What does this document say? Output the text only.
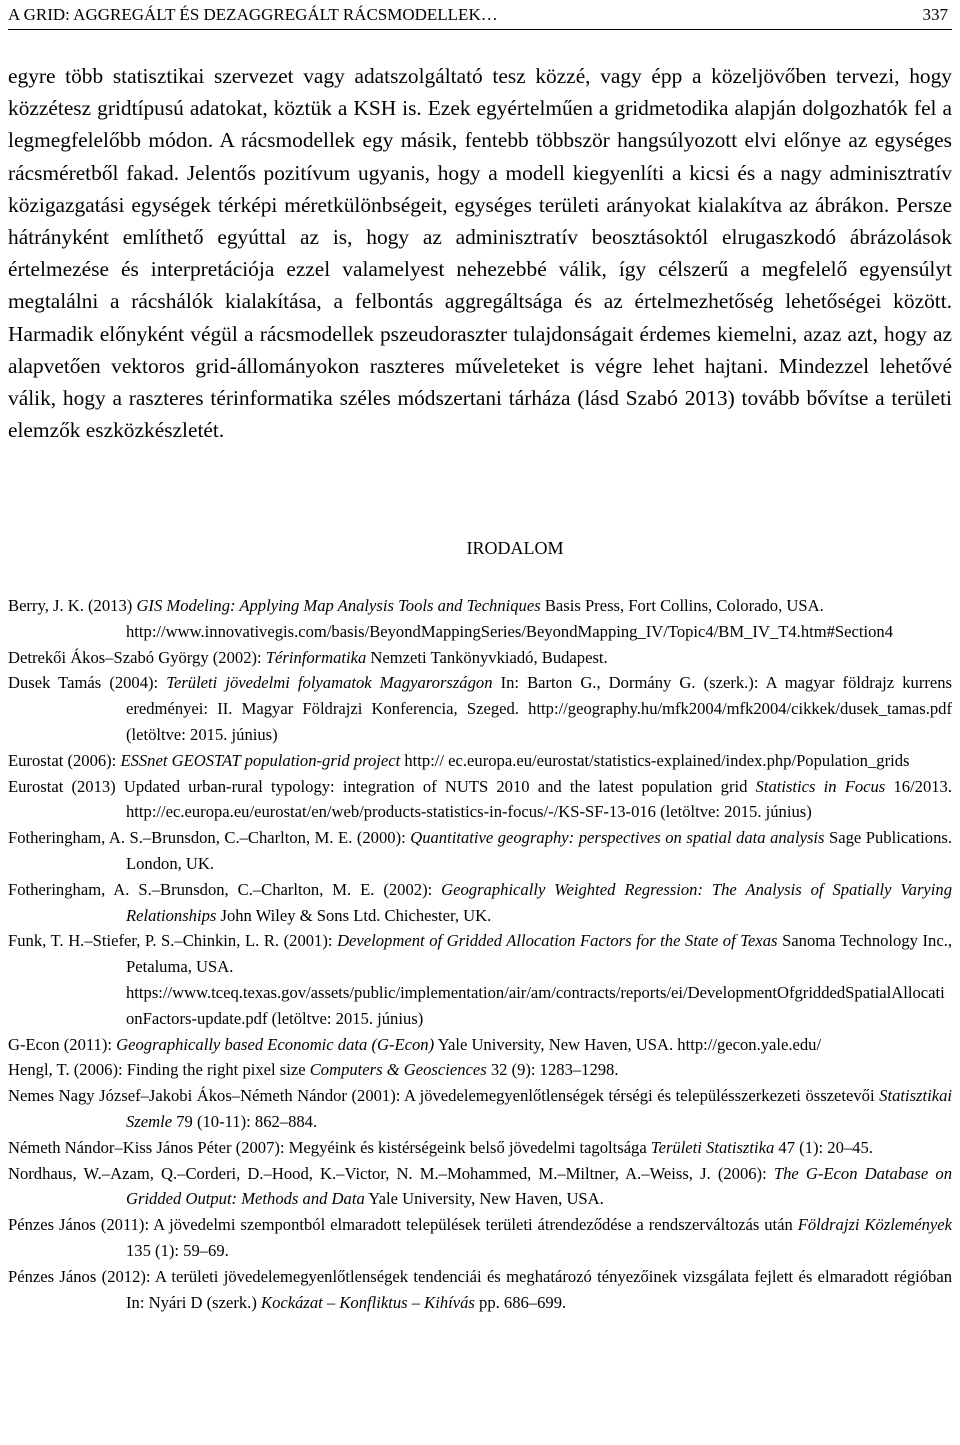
A GRID: AGGREGÁLT ÉS DEZAGGREGÁLT RÁCSMODELLEK…	337

egyre több statisztikai szervezet vagy adatszolgáltató tesz közzé, vagy épp a közeljövőben tervezi, hogy közzétesz gridtípusú adatokat, köztük a KSH is. Ezek egyértelműen a gridmetodika alapján dolgozhatók fel a legmegfelelőbb módon. A rácsmodellek egy másik, fentebb többször hangsúlyozott elvi előnye az egységes rácsméretből fakad. Jelentős pozitívum ugyanis, hogy a modell kiegyenlíti a kicsi és a nagy adminisztratív közigazgatási egységek térképi méretkülönbségeit, egységes területi arányokat kialakítva az ábrákon. Persze hátrányként említhető egyúttal az is, hogy az adminisztratív beosztásoktól elrugaszkodó ábrázolások értelmezése és interpretációja ezzel valamelyest nehezebbé válik, így célszerű a megfelelő egyensúlyt megtalálni a rácshálók kialakítása, a felbontás aggregáltsága és az értelmezhetőség lehetőségei között. Harmadik előnyként végül a rácsmodellek pszeudoraszter tulajdonságait érdemes kiemelni, azaz azt, hogy az alapvetően vektoros grid-állományokon raszteres műveleteket is végre lehet hajtani. Mindezzel lehetővé válik, hogy a raszteres térinformatika széles módszertani tárháza (lásd Szabó 2013) tovább bővítse a területi elemzők eszközkészletét.

IRODALOM
Berry, J. K. (2013) GIS Modeling: Applying Map Analysis Tools and Techniques Basis Press, Fort Collins, Colorado, USA.
http://www.innovativegis.com/basis/BeyondMappingSeries/BeyondMapping_IV/Topic4/BM_IV_T4.htm#Section4
Detrekői Ákos–Szabó György (2002): Térinformatika Nemzeti Tankönyvkiadó, Budapest.
Dusek Tamás (2004): Területi jövedelmi folyamatok Magyarországon In: Barton G., Dormány G. (szerk.): A magyar földrajz kurrens eredményei: II. Magyar Földrajzi Konferencia, Szeged. http://geography.hu/mfk2004/mfk2004/cikkek/dusek_tamas.pdf (letöltve: 2015. június)
Eurostat (2006): ESSnet GEOSTAT population-grid project http:// ec.europa.eu/eurostat/statistics-explained/index.php/Population_grids
Eurostat (2013) Updated urban-rural typology: integration of NUTS 2010 and the latest population grid Statistics in Focus 16/2013. http://ec.europa.eu/eurostat/en/web/products-statistics-in-focus/-/KS-SF-13-016 (letöltve: 2015. június)
Fotheringham, A. S.–Brunsdon, C.–Charlton, M. E. (2000): Quantitative geography: perspectives on spatial data analysis Sage Publications. London, UK.
Fotheringham, A. S.–Brunsdon, C.–Charlton, M. E. (2002): Geographically Weighted Regression: The Analysis of Spatially Varying Relationships John Wiley & Sons Ltd. Chichester, UK.
Funk, T. H.–Stiefer, P. S.–Chinkin, L. R. (2001): Development of Gridded Allocation Factors for the State of Texas Sanoma Technology Inc., Petaluma, USA.
https://www.tceq.texas.gov/assets/public/implementation/air/am/contracts/reports/ei/DevelopmentOfgriddedSpatialAllocationFactors-update.pdf (letöltve: 2015. június)
G-Econ (2011): Geographically based Economic data (G-Econ) Yale University, New Haven, USA. http://gecon.yale.edu/
Hengl, T. (2006): Finding the right pixel size Computers & Geosciences 32 (9): 1283–1298.
Nemes Nagy József–Jakobi Ákos–Németh Nándor (2001): A jövedelemegyenlőtlenségek térségi és településszerkezeti összetevői Statisztikai Szemle 79 (10-11): 862–884.
Németh Nándor–Kiss János Péter (2007): Megyéink és kistérségeink belső jövedelmi tagoltsága Területi Statisztika 47 (1): 20–45.
Nordhaus, W.–Azam, Q.–Corderi, D.–Hood, K.–Victor, N. M.–Mohammed, M.–Miltner, A.–Weiss, J. (2006): The G-Econ Database on Gridded Output: Methods and Data Yale University, New Haven, USA.
Pénzes János (2011): A jövedelmi szempontból elmaradott települések területi átrendeződése a rendszerváltozás után Földrajzi Közlemények 135 (1): 59–69.
Pénzes János (2012): A területi jövedelemegyenlőtlenségek tendenciái és meghatározó tényezőinek vizsgálata fejlett és elmaradott régióban In: Nyári D (szerk.) Kockázat – Konfliktus – Kihívás pp. 686–699.
